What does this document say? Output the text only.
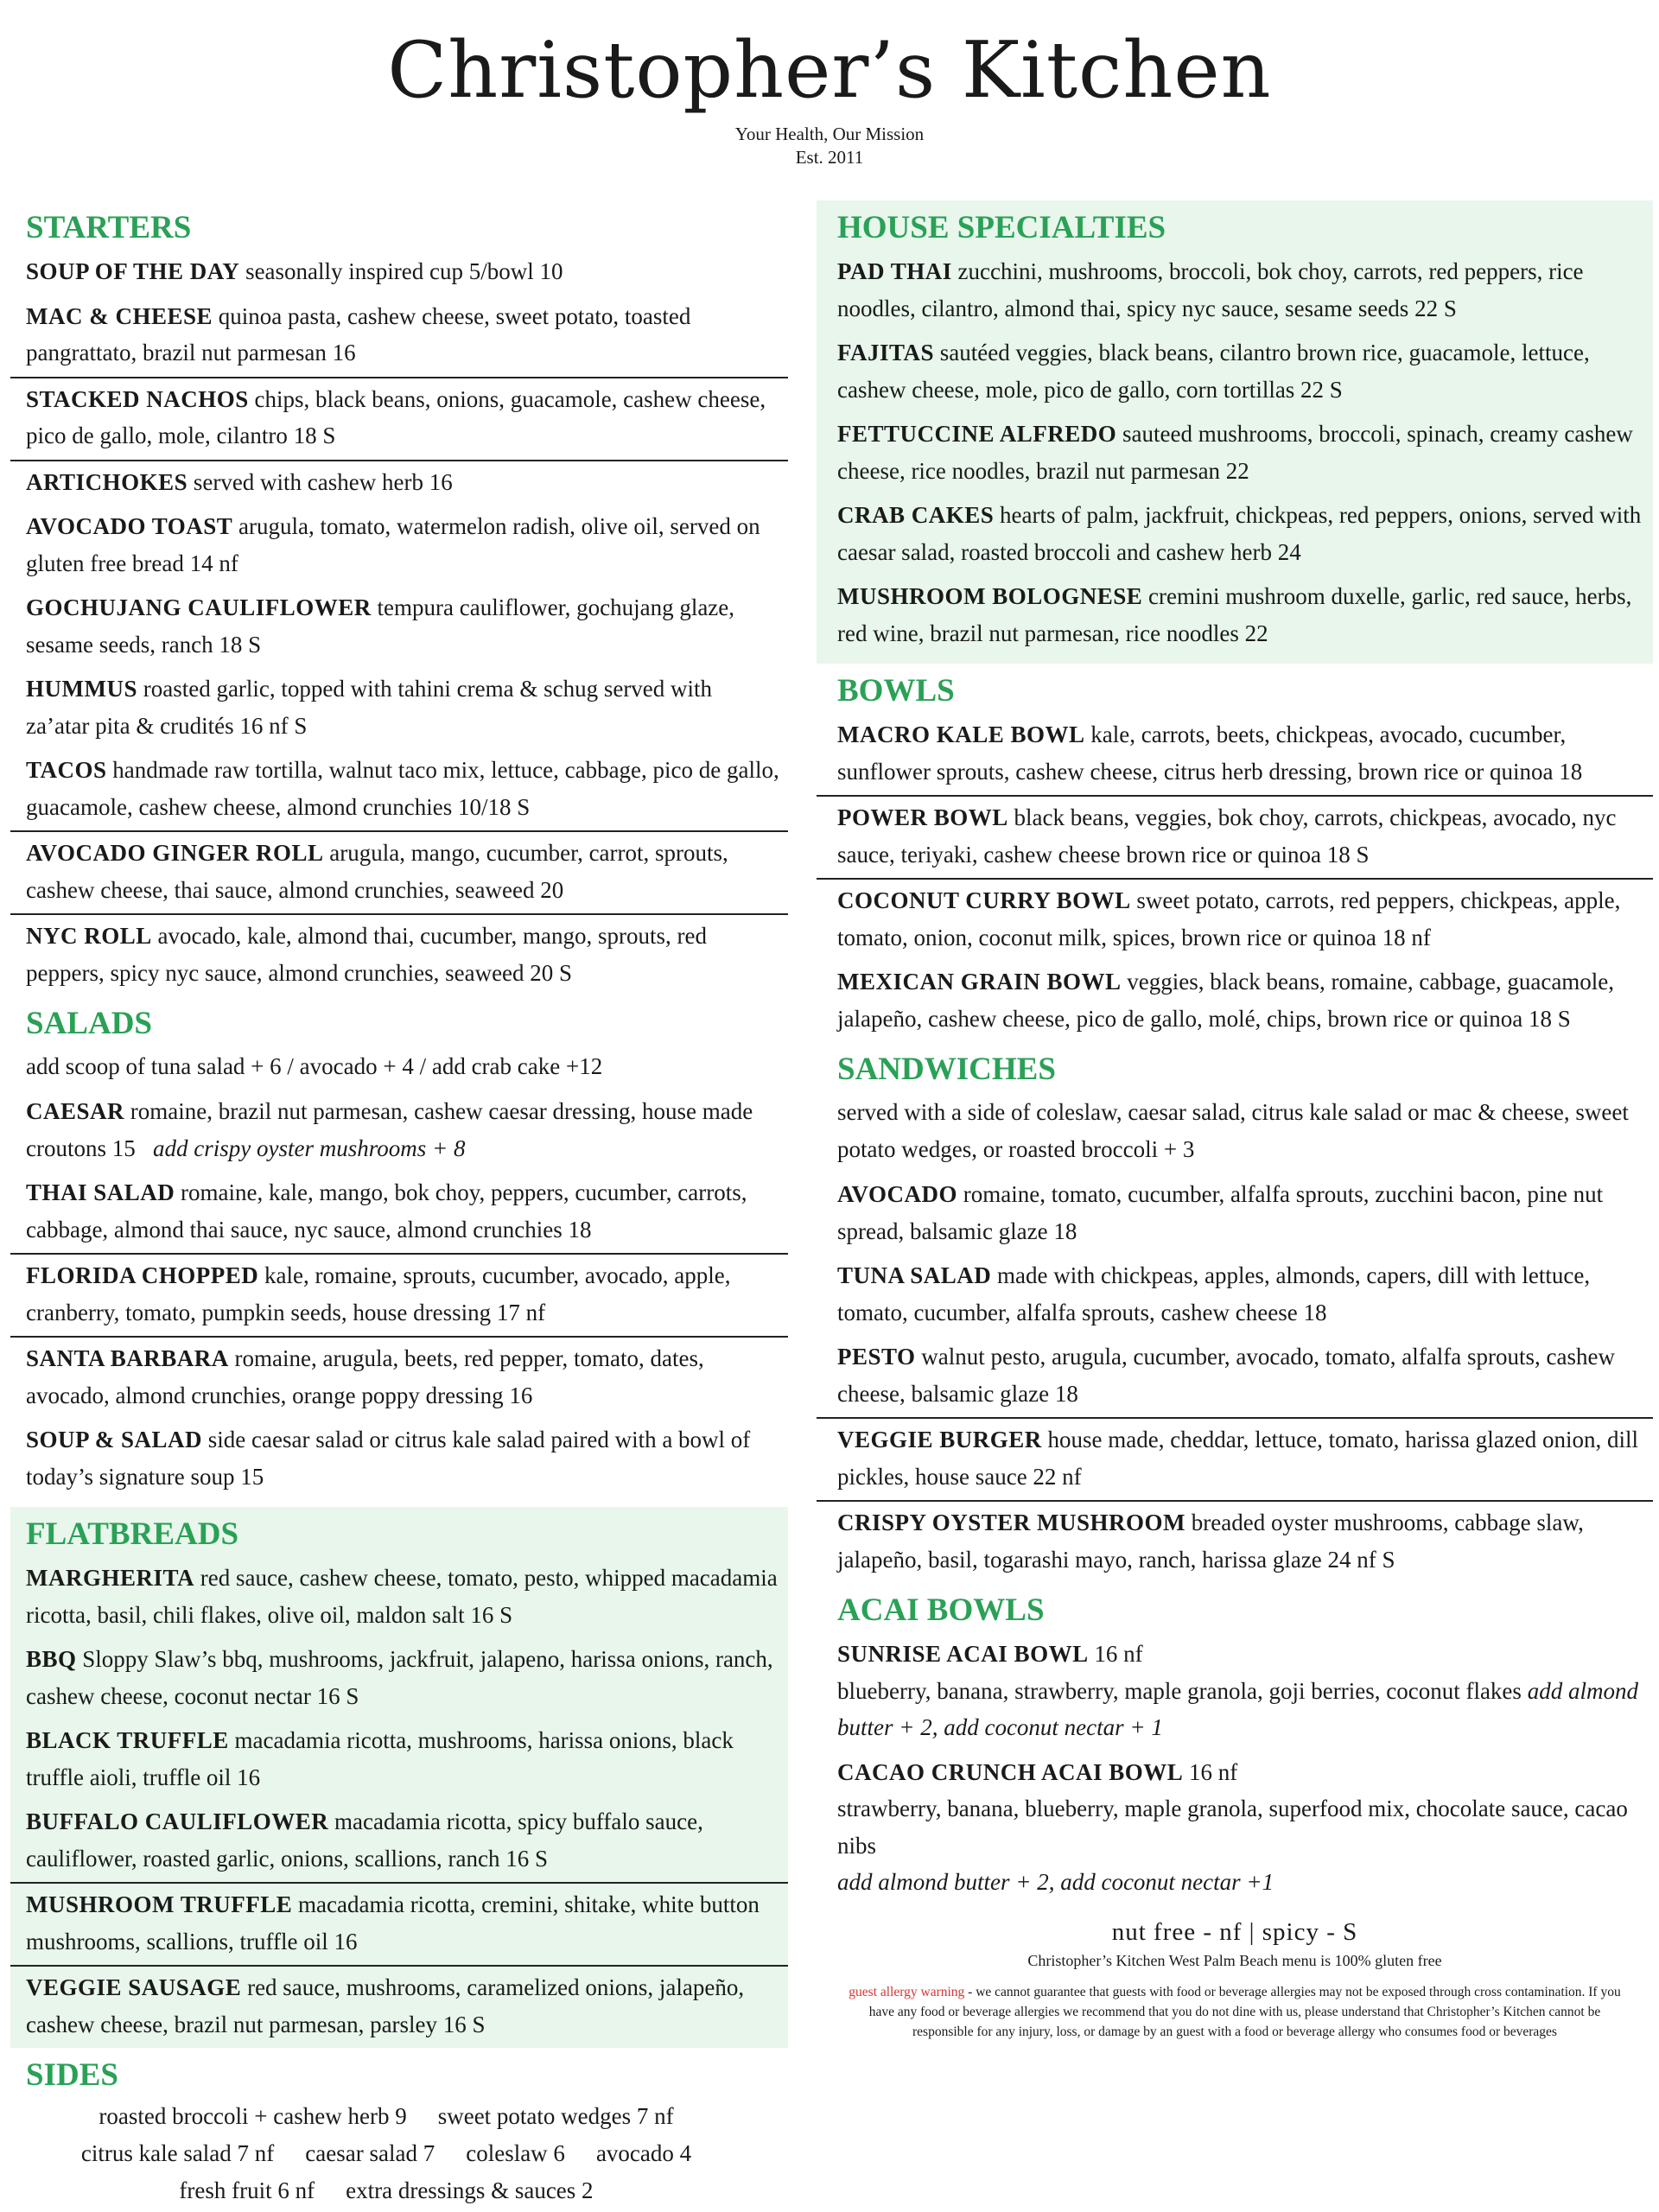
Christopher’s Kitchen
Your Health, Our Mission
Est. 2011
STARTERS
SOUP OF THE DAY seasonally inspired cup 5/bowl 10
MAC & CHEESE quinoa pasta, cashew cheese, sweet potato, toasted pangrattato, brazil nut parmesan 16
STACKED NACHOS chips, black beans, onions, guacamole, cashew cheese, pico de gallo, mole, cilantro 18 S
ARTICHOKES served with cashew herb 16
AVOCADO TOAST arugula, tomato, watermelon radish, olive oil, served on gluten free bread 14 nf
GOCHUJANG CAULIFLOWER tempura cauliflower, gochujang glaze, sesame seeds, ranch 18 S
HUMMUS roasted garlic, topped with tahini crema & schug served with za’atar pita & crudités 16 nf S
TACOS handmade raw tortilla, walnut taco mix, lettuce, cabbage, pico de gallo, guacamole, cashew cheese, almond crunchies 10/18 S
AVOCADO GINGER ROLL arugula, mango, cucumber, carrot, sprouts, cashew cheese, thai sauce, almond crunchies, seaweed 20
NYC ROLL avocado, kale, almond thai, cucumber, mango, sprouts, red peppers, spicy nyc sauce, almond crunchies, seaweed 20 S
SALADS
add scoop of tuna salad + 6 / avocado + 4 / add crab cake +12
CAESAR romaine, brazil nut parmesan, cashew caesar dressing, house made croutons 15 add crispy oyster mushrooms + 8
THAI SALAD romaine, kale, mango, bok choy, peppers, cucumber, carrots, cabbage, almond thai sauce, nyc sauce, almond crunchies 18
FLORIDA CHOPPED kale, romaine, sprouts, cucumber, avocado, apple, cranberry, tomato, pumpkin seeds, house dressing 17 nf
SANTA BARBARA romaine, arugula, beets, red pepper, tomato, dates, avocado, almond crunchies, orange poppy dressing 16
SOUP & SALAD side caesar salad or citrus kale salad paired with a bowl of today’s signature soup 15
FLATBREADS
MARGHERITA red sauce, cashew cheese, tomato, pesto, whipped macadamia ricotta, basil, chili flakes, olive oil, maldon salt 16 S
BBQ Sloppy Slaw’s bbq, mushrooms, jackfruit, jalapeno, harissa onions, ranch, cashew cheese, coconut nectar 16 S
BLACK TRUFFLE macadamia ricotta, mushrooms, harissa onions, black truffle aioli, truffle oil 16
BUFFALO CAULIFLOWER macadamia ricotta, spicy buffalo sauce, cauliflower, roasted garlic, onions, scallions, ranch 16 S
MUSHROOM TRUFFLE macadamia ricotta, cremini, shitake, white button mushrooms, scallions, truffle oil 16
VEGGIE SAUSAGE red sauce, mushrooms, caramelized onions, jalapeño, cashew cheese, brazil nut parmesan, parsley 16 S
SIDES
roasted broccoli + cashew herb 9 sweet potato wedges 7 nf
citrus kale salad 7 nf caesar salad 7 coleslaw 6 avocado 4
fresh fruit 6 nf extra dressings & sauces 2
HOUSE SPECIALTIES
PAD THAI zucchini, mushrooms, broccoli, bok choy, carrots, red peppers, rice noodles, cilantro, almond thai, spicy nyc sauce, sesame seeds 22 S
FAJITAS sautéed veggies, black beans, cilantro brown rice, guacamole, lettuce, cashew cheese, mole, pico de gallo, corn tortillas 22 S
FETTUCCINE ALFREDO sauteed mushrooms, broccoli, spinach, creamy cashew cheese, rice noodles, brazil nut parmesan 22
CRAB CAKES hearts of palm, jackfruit, chickpeas, red peppers, onions, served with caesar salad, roasted broccoli and cashew herb 24
MUSHROOM BOLOGNESE cremini mushroom duxelle, garlic, red sauce, herbs, red wine, brazil nut parmesan, rice noodles 22
BOWLS
MACRO KALE BOWL kale, carrots, beets, chickpeas, avocado, cucumber, sunflower sprouts, cashew cheese, citrus herb dressing, brown rice or quinoa 18
POWER BOWL black beans, veggies, bok choy, carrots, chickpeas, avocado, nyc sauce, teriyaki, cashew cheese brown rice or quinoa 18 S
COCONUT CURRY BOWL sweet potato, carrots, red peppers, chickpeas, apple, tomato, onion, coconut milk, spices, brown rice or quinoa 18 nf
MEXICAN GRAIN BOWL veggies, black beans, romaine, cabbage, guacamole, jalapeño, cashew cheese, pico de gallo, molé, chips, brown rice or quinoa 18 S
SANDWICHES
served with a side of coleslaw, caesar salad, citrus kale salad or mac & cheese, sweet potato wedges, or roasted broccoli + 3
AVOCADO romaine, tomato, cucumber, alfalfa sprouts, zucchini bacon, pine nut spread, balsamic glaze 18
TUNA SALAD made with chickpeas, apples, almonds, capers, dill with lettuce, tomato, cucumber, alfalfa sprouts, cashew cheese 18
PESTO walnut pesto, arugula, cucumber, avocado, tomato, alfalfa sprouts, cashew cheese, balsamic glaze 18
VEGGIE BURGER house made, cheddar, lettuce, tomato, harissa glazed onion, dill pickles, house sauce 22 nf
CRISPY OYSTER MUSHROOM breaded oyster mushrooms, cabbage slaw, jalapeño, basil, togarashi mayo, ranch, harissa glaze 24 nf S
ACAI BOWLS
SUNRISE ACAI BOWL 16 nf
blueberry, banana, strawberry, maple granola, goji berries, coconut flakes add almond butter + 2, add coconut nectar + 1
CACAO CRUNCH ACAI BOWL 16 nf
strawberry, banana, blueberry, maple granola, superfood mix, chocolate sauce, cacao nibs
add almond butter + 2, add coconut nectar +1
nut free - nf | spicy - S
Christopher’s Kitchen West Palm Beach menu is 100% gluten free
guest allergy warning - we cannot guarantee that guests with food or beverage allergies may not be exposed through cross contamination. If you have any food or beverage allergies we recommend that you do not dine with us, please understand that Christopher’s Kitchen cannot be responsible for any injury, loss, or damage by an guest with a food or beverage allergy who consumes food or beverages
